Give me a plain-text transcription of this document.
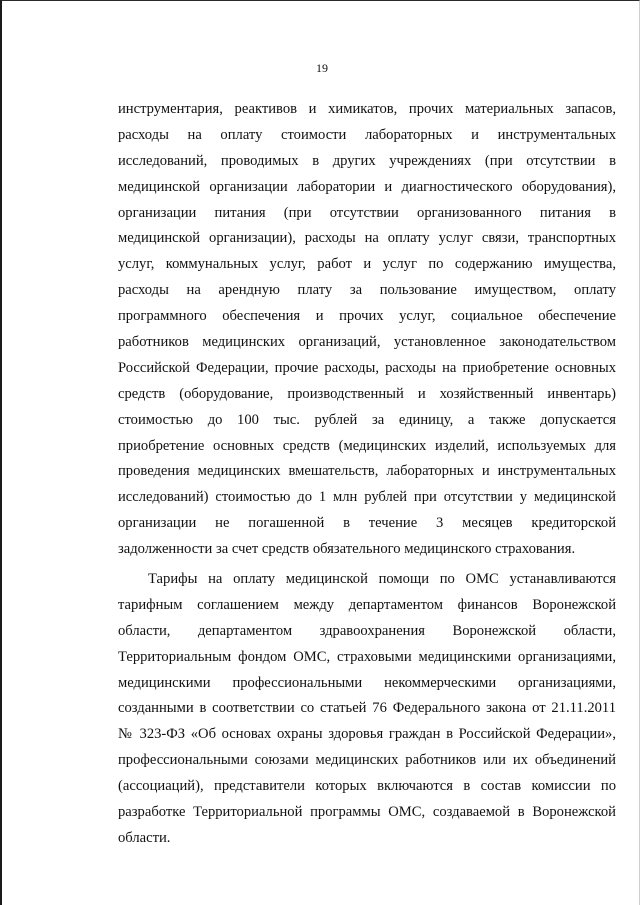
19
инструментария, реактивов и химикатов, прочих материальных запасов,
расходы на оплату стоимости лабораторных и инструментальных
исследований, проводимых в других учреждениях (при отсутствии в
медицинской организации лаборатории и диагностического оборудования),
организации питания (при отсутствии организованного питания в
медицинской организации), расходы на оплату услуг связи, транспортных
услуг, коммунальных услуг, работ и услуг по содержанию имущества,
расходы на арендную плату за пользование имуществом, оплату
программного обеспечения и прочих услуг, социальное обеспечение
работников медицинских организаций, установленное законодательством
Российской Федерации, прочие расходы, расходы на приобретение основных
средств (оборудование, производственный и хозяйственный инвентарь)
стоимостью до 100 тыс. рублей за единицу, а также допускается
приобретение основных средств (медицинских изделий, используемых для
проведения медицинских вмешательств, лабораторных и инструментальных
исследований) стоимостью до 1 млн рублей при отсутствии у медицинской
организации не погашенной в течение 3 месяцев кредиторской
задолженности за счет средств обязательного медицинского страхования.
Тарифы на оплату медицинской помощи по ОМС устанавливаются
тарифным соглашением между департаментом финансов Воронежской
области, департаментом здравоохранения Воронежской области,
Территориальным фондом ОМС, страховыми медицинскими организациями,
медицинскими профессиональными некоммерческими организациями,
созданными в соответствии со статьей 76 Федерального закона от 21.11.2011
№ 323-ФЗ «Об основах охраны здоровья граждан в Российской Федерации»,
профессиональными союзами медицинских работников или их объединений
(ассоциаций), представители которых включаются в состав комиссии по
разработке Территориальной программы ОМС, создаваемой в Воронежской
области.
